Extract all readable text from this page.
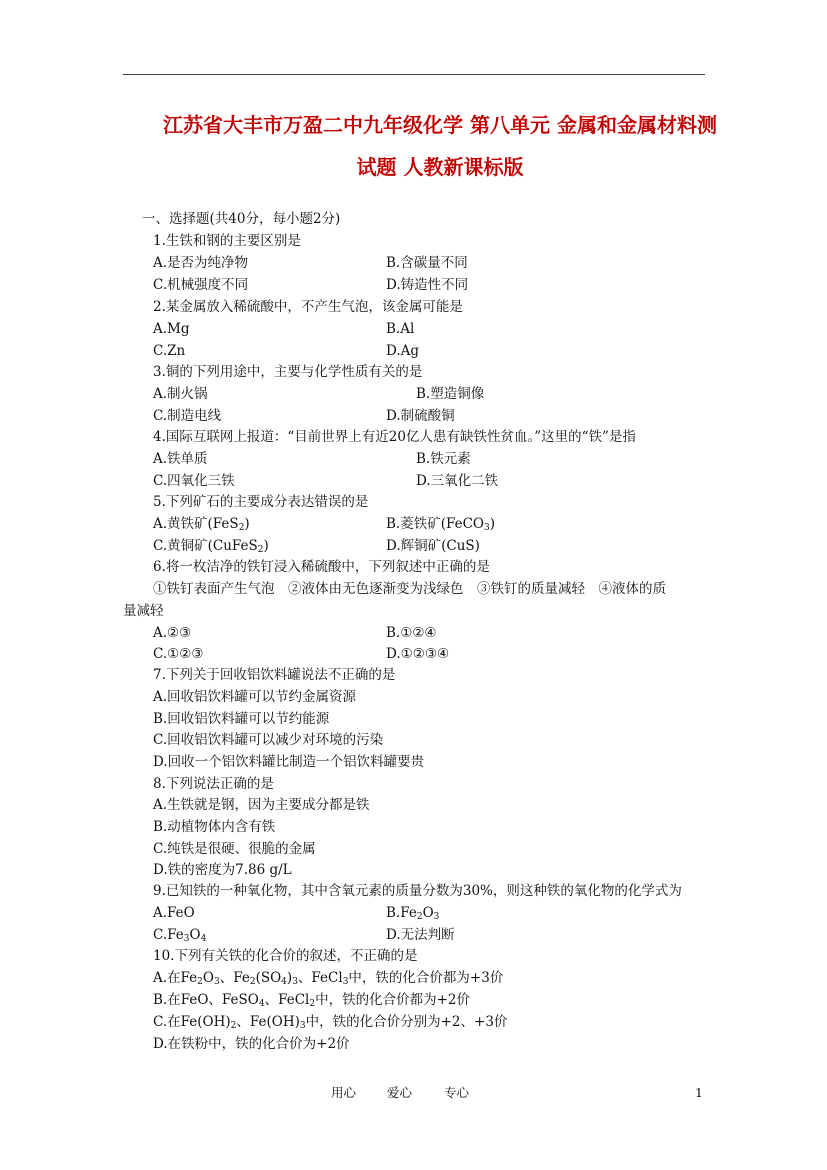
江苏省大丰市万盈二中九年级化学 第八单元 金属和金属材料测
试题 人教新课标版
一、选择题(共40分，每小题2分)
1.生铁和钢的主要区别是
A.是否为纯净物	B.含碳量不同
C.机械强度不同	D.铸造性不同
2.某金属放入稀硫酸中，不产生气泡，该金属可能是
A.Mg	B.Al
C.Zn	D.Ag
3.铜的下列用途中，主要与化学性质有关的是
A.制火锅	B.塑造铜像
C.制造电线	D.制硫酸铜
4.国际互联网上报道：“目前世界上有近20亿人患有缺铁性贫血。”这里的“铁”是指
A.铁单质	B.铁元素
C.四氧化三铁	D.三氧化二铁
5.下列矿石的主要成分表达错误的是
A.黄铁矿(FeS$_2$)	B.菱铁矿(FeCO$_3$)
C.黄铜矿(CuFeS$_2$)	D.辉铜矿(CuS)
6.将一枚洁净的铁钉浸入稀硫酸中，下列叙述中正确的是
①铁钉表面产生气泡　②液体由无色逐渐变为浅绿色　③铁钉的质量减轻　④液体的质
量减轻
A.②③	B.①②④
C.①②③	D.①②③④
7.下列关于回收铝饮料罐说法不正确的是
A.回收铝饮料罐可以节约金属资源
B.回收铝饮料罐可以节约能源
C.回收铝饮料罐可以减少对环境的污染
D.回收一个铝饮料罐比制造一个铝饮料罐要贵
8.下列说法正确的是
A.生铁就是钢，因为主要成分都是铁
B.动植物体内含有铁
C.纯铁是很硬、很脆的金属
D.铁的密度为7.86 g/L
9.已知铁的一种氧化物，其中含氧元素的质量分数为30%，则这种铁的氧化物的化学式为
A.FeO	$B.Fe_2O_3$
$C.Fe_3O_4$	D.无法判断
10.下列有关铁的化合价的叙述，不正确的是
A.在$Fe_2O_3$、$Fe_2(SO_4)_3$、FeCl$_3$中，铁的化合价都为+3价
B.在FeO、FeSO$_4$、FeCl$_2$中，铁的化合价都为+2价
C.在$Fe(OH)_2$、$Fe(OH)_3$中，铁的化合价分别为+2、+3价
D.在铁粉中，铁的化合价为+2价
用心 爱心	专心	1
